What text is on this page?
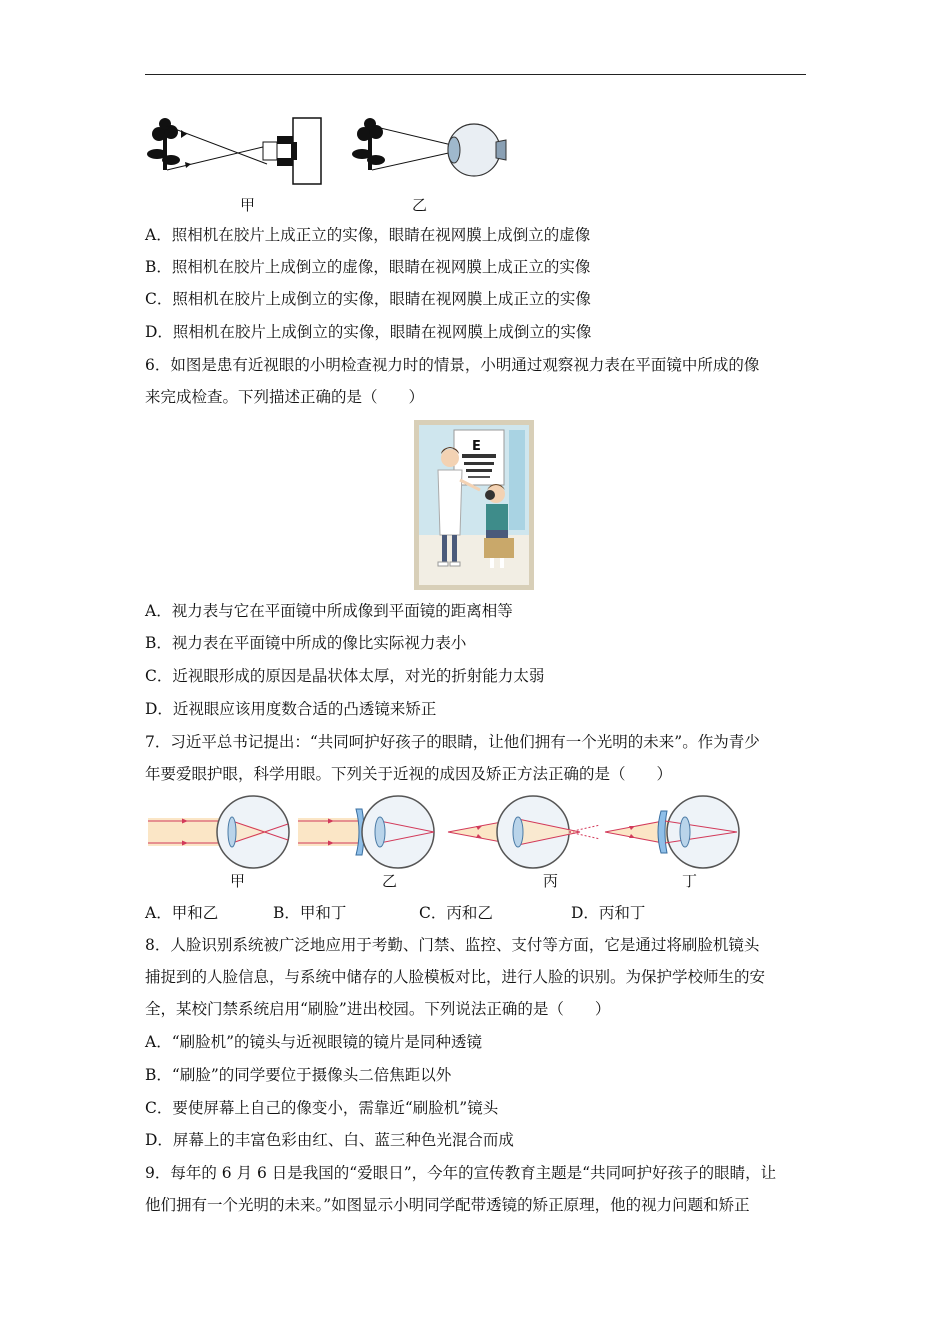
甲	乙
A．照相机在胶片上成正立的实像，眼睛在视网膜上成倒立的虚像
B．照相机在胶片上成倒立的虚像，眼睛在视网膜上成正立的实像
C．照相机在胶片上成倒立的实像，眼睛在视网膜上成正立的实像
D．照相机在胶片上成倒立的实像，眼睛在视网膜上成倒立的实像
6．如图是患有近视眼的小明检查视力时的情景，小明通过观察视力表在平面镜中所成的像
来完成检查。下列描述正确的是（　　）
E
A．视力表与它在平面镜中所成像到平面镜的距离相等
B．视力表在平面镜中所成的像比实际视力表小
C．近视眼形成的原因是晶状体太厚，对光的折射能力太弱
D．近视眼应该用度数合适的凸透镜来矫正
7．习近平总书记提出：“共同呵护好孩子的眼睛，让他们拥有一个光明的未来”。作为青少
年要爱眼护眼，科学用眼。下列关于近视的成因及矫正方法正确的是（　　）
甲	乙	丙	丁
A．甲和乙	B．甲和丁	C．丙和乙	D．丙和丁
8．人脸识别系统被广泛地应用于考勤、门禁、监控、支付等方面，它是通过将刷脸机镜头
捕捉到的人脸信息，与系统中储存的人脸模板对比，进行人脸的识别。为保护学校师生的安
全，某校门禁系统启用“刷脸”进出校园。下列说法正确的是（　　）
A．“刷脸机”的镜头与近视眼镜的镜片是同种透镜
B．“刷脸”的同学要位于摄像头二倍焦距以外
C．要使屏幕上自己的像变小，需靠近“刷脸机”镜头
D．屏幕上的丰富色彩由红、白、蓝三种色光混合而成
9．每年的 6 月 6 日是我国的“爱眼日”，今年的宣传教育主题是“共同呵护好孩子的眼睛，让
他们拥有一个光明的未来。”如图显示小明同学配带透镜的矫正原理，他的视力问题和矫正
